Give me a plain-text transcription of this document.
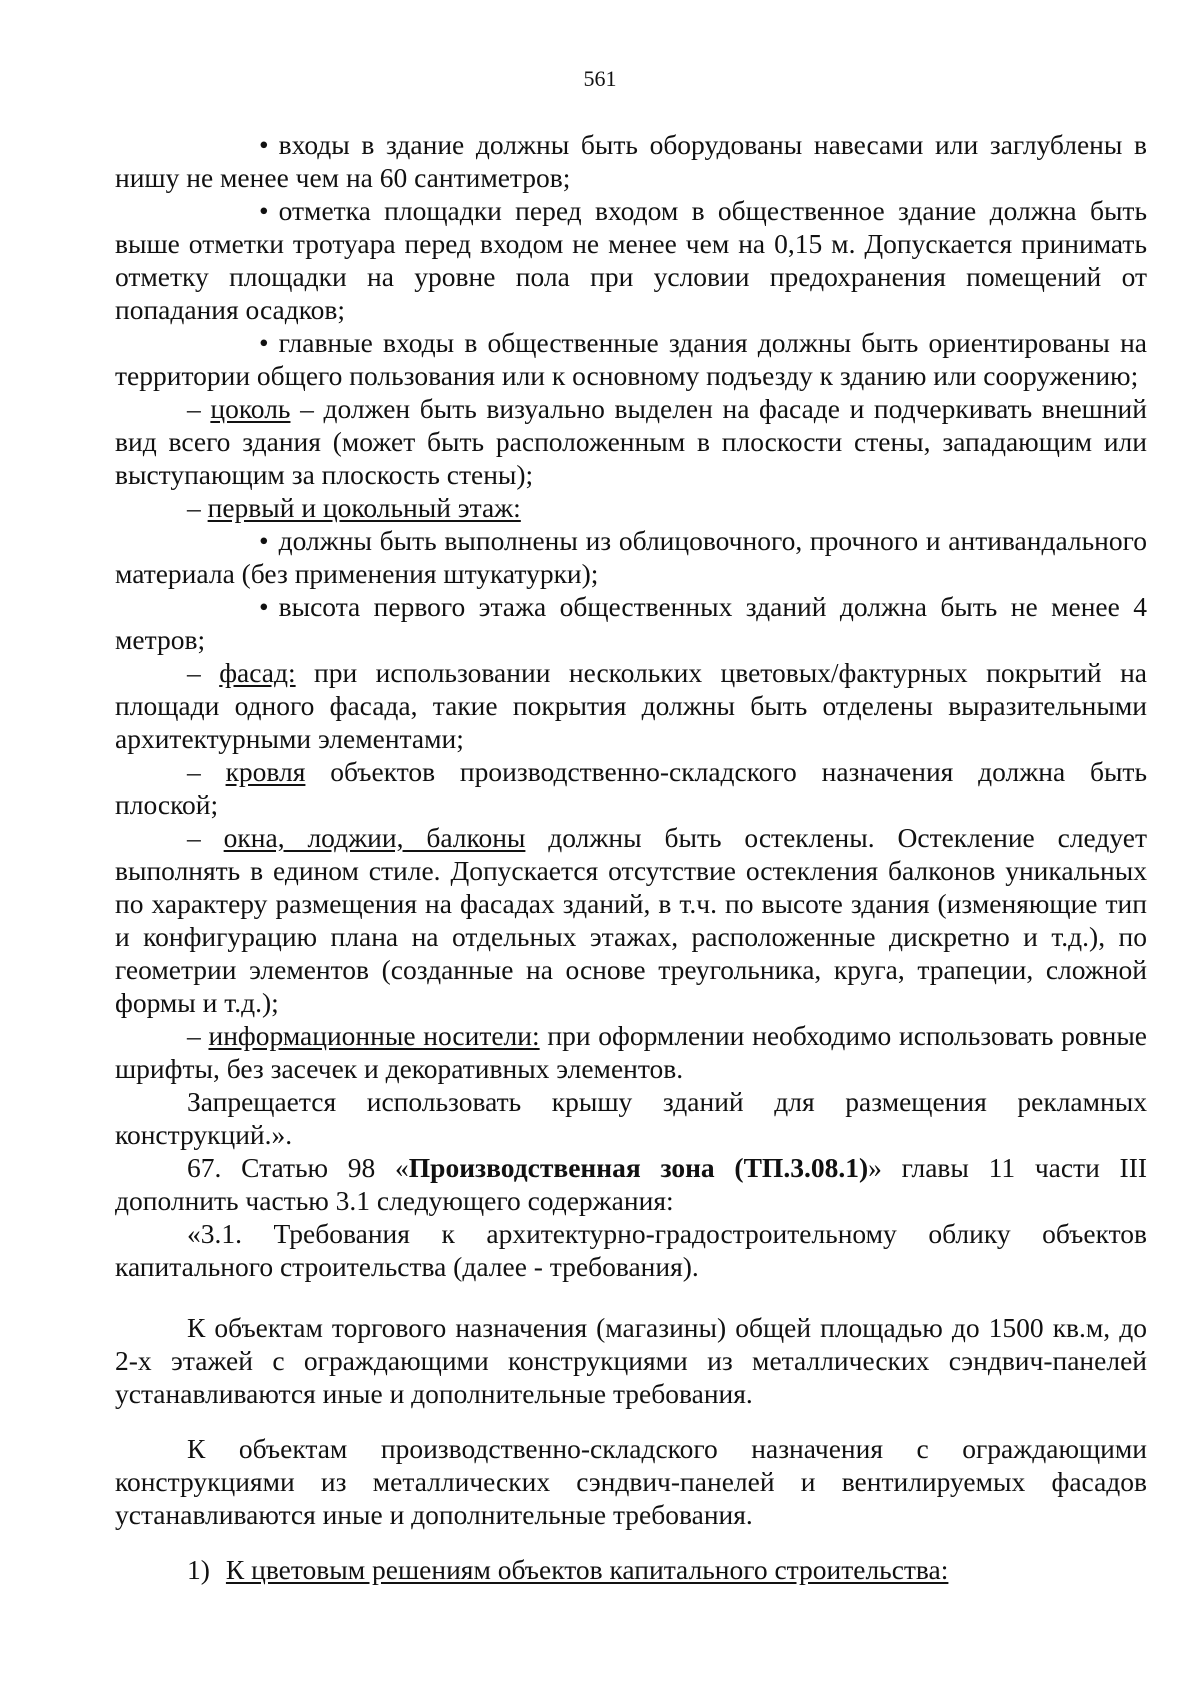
561

• входы в здание должны быть оборудованы навесами или заглублены в нишу не менее чем на 60 сантиметров;

• отметка площадки перед входом в общественное здание должна быть выше отметки тротуара перед входом не менее чем на 0,15 м. Допускается принимать отметку площадки на уровне пола при условии предохранения помещений от попадания осадков;

• главные входы в общественные здания должны быть ориентированы на территории общего пользования или к основному подъезду к зданию или сооружению;

– цоколь – должен быть визуально выделен на фасаде и подчеркивать внешний вид всего здания (может быть расположенным в плоскости стены, западающим или выступающим за плоскость стены);

– первый и цокольный этаж:

• должны быть выполнены из облицовочного, прочного и антивандального материала (без применения штукатурки);

• высота первого этажа общественных зданий должна быть не менее 4 метров;

– фасад: при использовании нескольких цветовых/фактурных покрытий на площади одного фасада, такие покрытия должны быть отделены выразительными архитектурными элементами;

– кровля объектов производственно-складского назначения должна быть плоской;

– окна, лоджии, балконы должны быть остеклены. Остекление следует выполнять в едином стиле. Допускается отсутствие остекления балконов уникальных по характеру размещения на фасадах зданий, в т.ч. по высоте здания (изменяющие тип и конфигурацию плана на отдельных этажах, расположенные дискретно и т.д.), по геометрии элементов (созданные на основе треугольника, круга, трапеции, сложной формы и т.д.);

– информационные носители: при оформлении необходимо использовать ровные шрифты, без засечек и декоративных элементов.

Запрещается использовать крышу зданий для размещения рекламных конструкций.».

67. Статью 98 «Производственная зона (ТП.3.08.1)» главы 11 части III дополнить частью 3.1 следующего содержания:

«3.1. Требования к архитектурно-градостроительному облику объектов капитального строительства (далее - требования).

К объектам торгового назначения (магазины) общей площадью до 1500 кв.м, до 2-х этажей с ограждающими конструкциями из металлических сэндвич-панелей устанавливаются иные и дополнительные требования.

К объектам производственно-складского назначения с ограждающими конструкциями из металлических сэндвич-панелей и вентилируемых фасадов устанавливаются иные и дополнительные требования.

1) К цветовым решениям объектов капитального строительства:
